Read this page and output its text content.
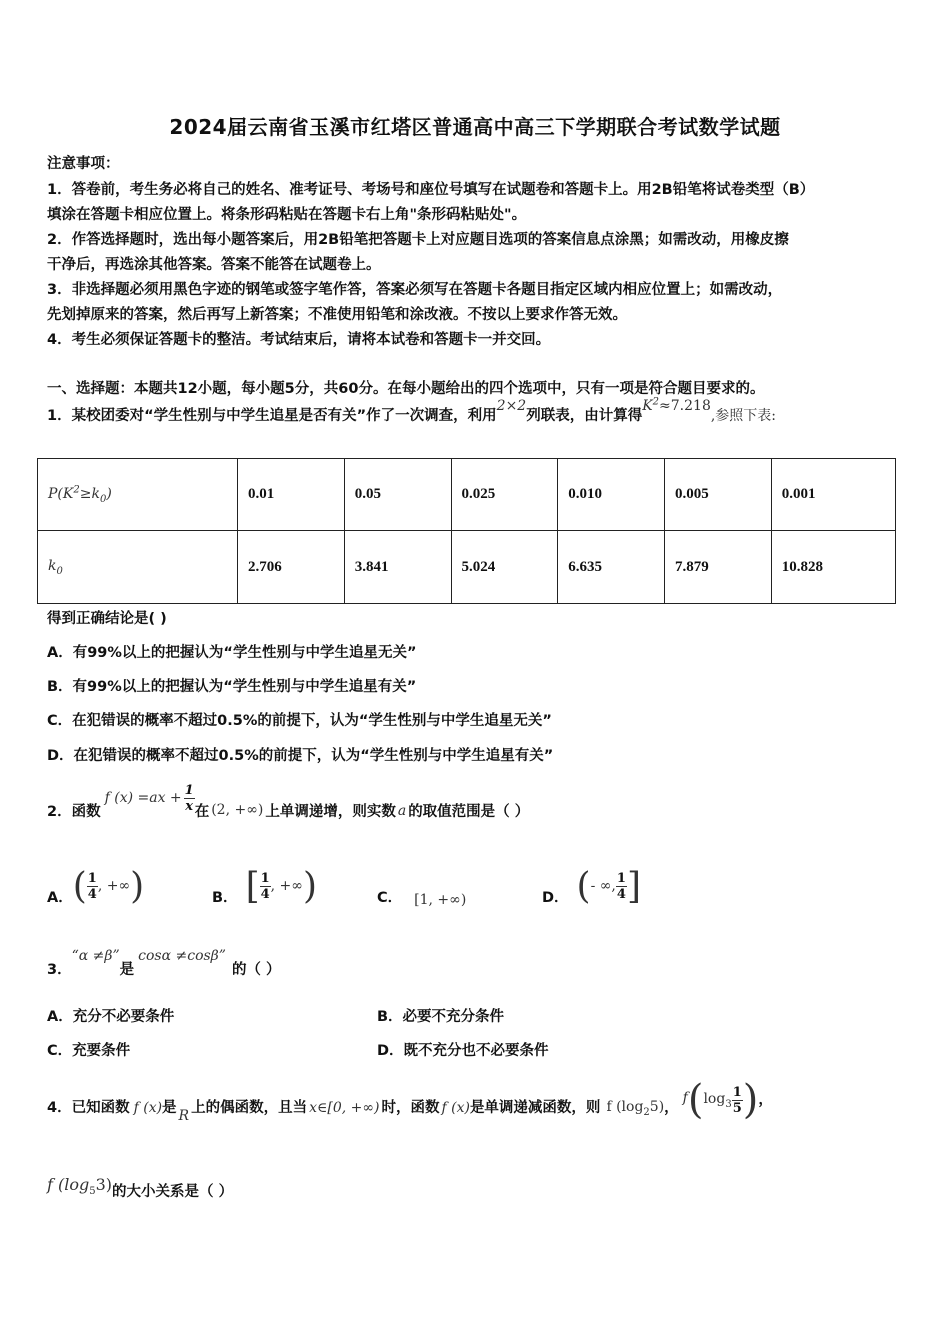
2024届云南省玉溪市红塔区普通高中高三下学期联合考试数学试题
注意事项：
1．答卷前，考生务必将自己的姓名、准考证号、考场号和座位号填写在试题卷和答题卡上。用2B铅笔将试卷类型（B）
填涂在答题卡相应位置上。将条形码粘贴在答题卡右上角"条形码粘贴处"。
2．作答选择题时，选出每小题答案后，用2B铅笔把答题卡上对应题目选项的答案信息点涂黑；如需改动，用橡皮擦
干净后，再选涂其他答案。答案不能答在试题卷上。
3．非选择题必须用黑色字迹的钢笔或签字笔作答，答案必须写在答题卡各题目指定区域内相应位置上；如需改动，
先划掉原来的答案，然后再写上新答案；不准使用铅笔和涂改液。不按以上要求作答无效。
4．考生必须保证答题卡的整洁。考试结束后，请将本试卷和答题卡一并交回。
一、选择题：本题共12小题，每小题5分，共60分。在每小题给出的四个选项中，只有一项是符合题目要求的。
1．某校团委对“学生性别与中学生追星是否有关”作了一次调查，利用2×2列联表，由计算得$K^2\approx 7.218$,参照下表:
$P(K^2\ge k_0)$	0.01	0.05	0.025	0.010	0.005	0.001
$k_0$	2.706	3.841	5.024	6.635	7.879	10.828
得到正确结论是( )
A．有99%以上的把握认为“学生性别与中学生追星无关”
B．有99%以上的把握认为“学生性别与中学生追星有关”
C．在犯错误的概率不超过0.5%的前提下，认为“学生性别与中学生追星无关”
D．在犯错误的概率不超过0.5%的前提下，认为“学生性别与中学生追星有关”
2．函数
f $(x) =ax + \frac{1}{x}$ 在 (2, +∞) 上单调递增，则实数 a 的取值范围是（ ）
A． ( $\frac{1}{4}$ , +∞ )	B． [ $\frac{1}{4}$ , +∞ )	C． [1, +∞)	D． ( - ∞, $\frac{1}{4}$ ]
3．“α ≠β”是cosα ≠cosβ”的（ ）
A．充分不必要条件	B．必要不充分条件
C．充要条件	D．既不充分也不必要条件
4．已知函数 f (x) 是
R
上的偶函数，且当 x∈[0, +∞) 时，函数 f (x) 是单调递减函数，则 f $(\log_25)$ ，
f ( $\log_3 \frac{1}{5}$ ) ，
f $(\log_53)$的大小关系是（ ）
